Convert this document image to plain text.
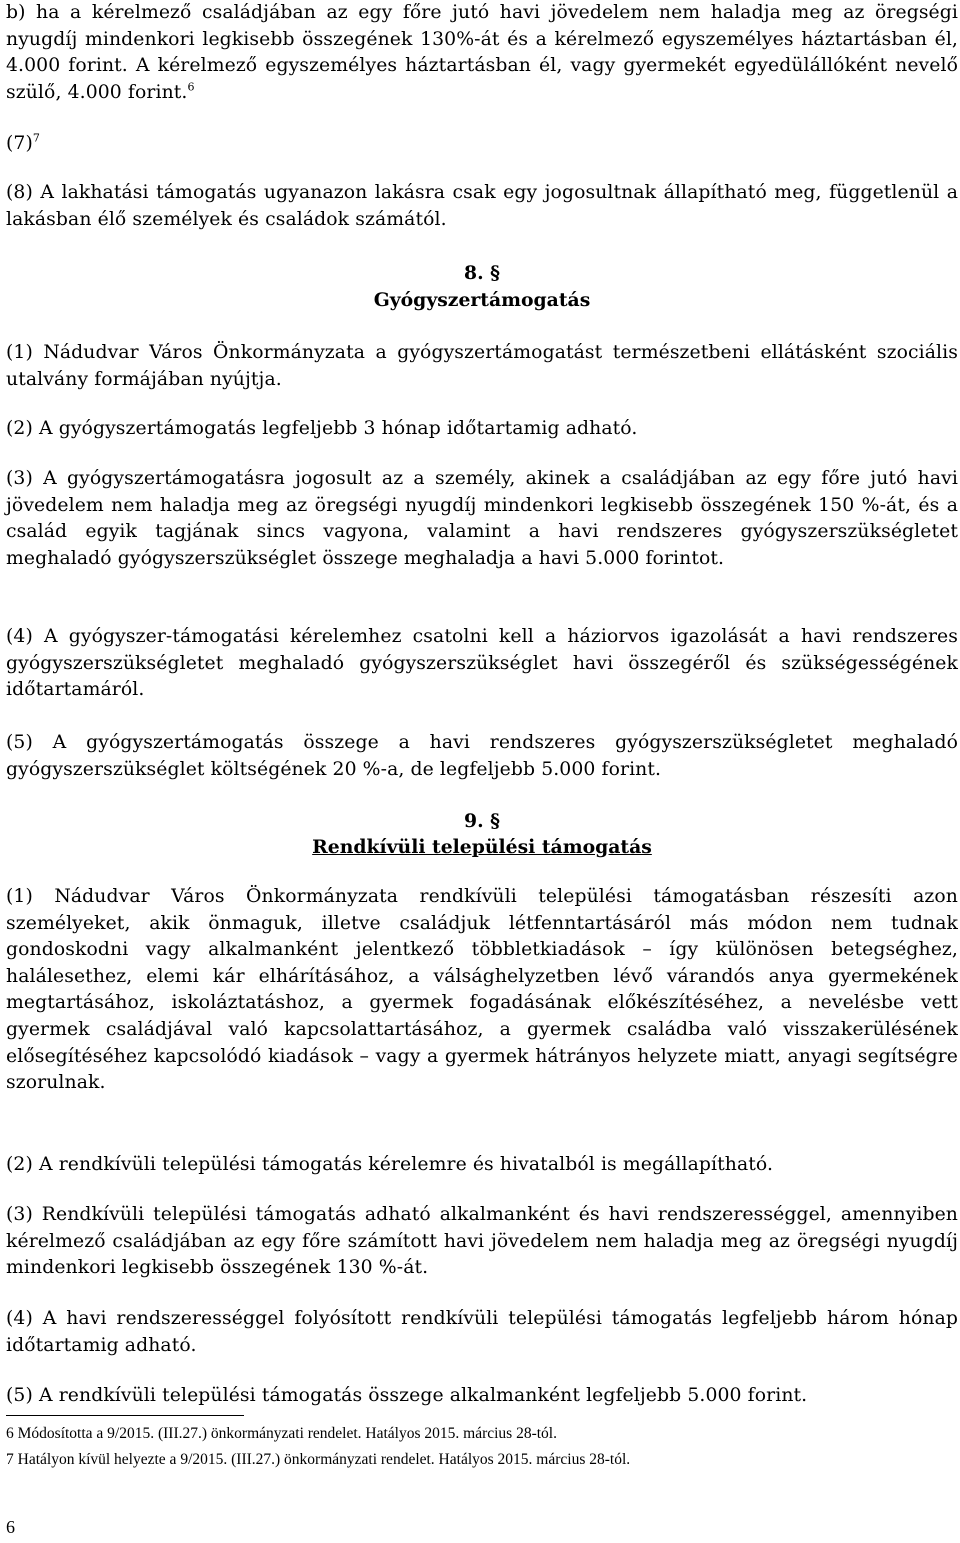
b) ha a kérelmező családjában az egy főre jutó havi jövedelem nem haladja meg az öregségi nyugdíj mindenkori legkisebb összegének 130%-át és a kérelmező egyszemélyes háztartásban él, 4.000 forint. A kérelmező egyszemélyes háztartásban él, vagy gyermekét egyedülállóként nevelő szülő, 4.000 forint.$^6$

$(7)^7$

(8) A lakhatási támogatás ugyanazon lakásra csak egy jogosultnak állapítható meg, függetlenül a lakásban élő személyek és családok számától.

8. §

Gyógyszertámogatás

(1) Nádudvar Város Önkormányzata a gyógyszertámogatást természetbeni ellátásként szociális utalvány formájában nyújtja.

(2) A gyógyszertámogatás legfeljebb 3 hónap időtartamig adható.

(3) A gyógyszertámogatásra jogosult az a személy, akinek a családjában az egy főre jutó havi jövedelem nem haladja meg az öregségi nyugdíj mindenkori legkisebb összegének 150 %-át, és a család egyik tagjának sincs vagyona, valamint a havi rendszeres gyógyszerszükségletet meghaladó gyógyszerszükséglet összege meghaladja a havi 5.000 forintot.

(4) A gyógyszer-támogatási kérelemhez csatolni kell a háziorvos igazolását a havi rendszeres gyógyszerszükségletet meghaladó gyógyszerszükséglet havi összegéről és szükségességének időtartamáról.

(5) A gyógyszertámogatás összege a havi rendszeres gyógyszerszükségletet meghaladó gyógyszerszükséglet költségének 20 %-a, de legfeljebb 5.000 forint.

9. §

Rendkívüli települési támogatás

(1) Nádudvar Város Önkormányzata rendkívüli települési támogatásban részesíti azon személyeket, akik önmaguk, illetve családjuk létfenntartásáról más módon nem tudnak gondoskodni vagy alkalmanként jelentkező többletkiadások – így különösen betegséghez, halálesethez, elemi kár elhárításához, a válsághelyzetben lévő várandós anya gyermekének megtartásához, iskoláztatáshoz, a gyermek fogadásának előkészítéséhez, a nevelésbe vett gyermek családjával való kapcsolattartásához, a gyermek családba való visszakerülésének elősegítéséhez kapcsolódó kiadások – vagy a gyermek hátrányos helyzete miatt, anyagi segítségre szorulnak.

(2) A rendkívüli települési támogatás kérelemre és hivatalból is megállapítható.

(3) Rendkívüli települési támogatás adható alkalmanként és havi rendszerességgel, amennyiben kérelmező családjában az egy főre számított havi jövedelem nem haladja meg az öregségi nyugdíj mindenkori legkisebb összegének 130 %-át.

(4) A havi rendszerességgel folyósított rendkívüli települési támogatás legfeljebb három hónap időtartamig adható.

(5) A rendkívüli települési támogatás összege alkalmanként legfeljebb 5.000 forint.

6 Módosította a 9/2015. (III.27.) önkormányzati rendelet. Hatályos 2015. március 28-tól.

7 Hatályon kívül helyezte a 9/2015. (III.27.) önkormányzati rendelet. Hatályos 2015. március 28-tól.

6
